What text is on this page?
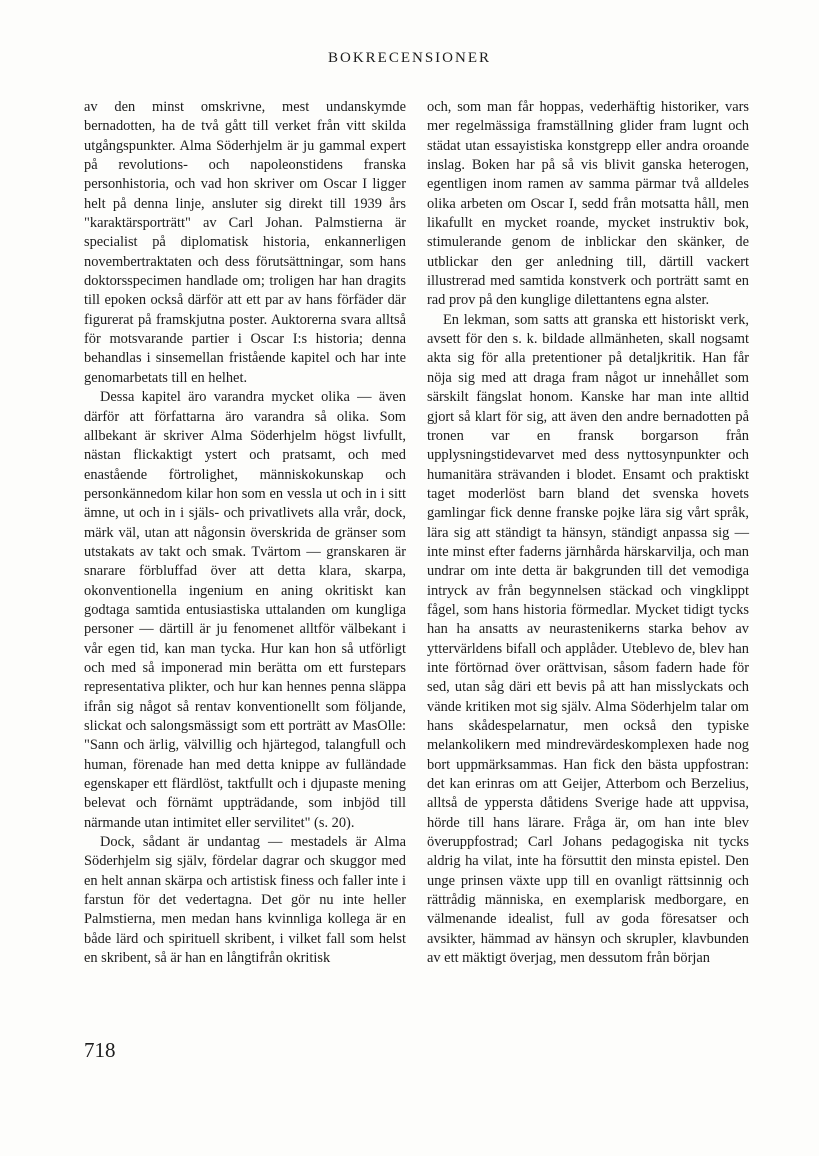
BOKRECENSIONER

av den minst omskrivne, mest undanskymde bernadotten, ha de två gått till verket från vitt skilda utgångspunkter. Alma Söderhjelm är ju gammal expert på revolutions- och napoleonstidens franska personhistoria, och vad hon skriver om Oscar I ligger helt på denna linje, ansluter sig direkt till 1939 års "karaktärsporträtt" av Carl Johan. Palmstierna är specialist på diplomatisk historia, enkannerligen novembertraktaten och dess förutsättningar, som hans doktorsspecimen handlade om; troligen har han dragits till epoken också därför att ett par av hans förfäder där figurerat på framskjutna poster. Auktorerna svara alltså för motsvarande partier i Oscar I:s historia; denna behandlas i sinsemellan fristående kapitel och har inte genomarbetats till en helhet.

Dessa kapitel äro varandra mycket olika — även därför att författarna äro varandra så olika. Som allbekant är skriver Alma Söderhjelm högst livfullt, nästan flickaktigt ystert och pratsamt, och med enastående förtrolighet, människokunskap och personkännedom kilar hon som en vessla ut och in i sitt ämne, ut och in i själs- och privatlivets alla vrår, dock, märk väl, utan att någonsin överskrida de gränser som utstakats av takt och smak. Tvärtom — granskaren är snarare förbluffad över att detta klara, skarpa, okonventionella ingenium en aning okritiskt kan godtaga samtida entusiastiska uttalanden om kungliga personer — därtill är ju fenomenet alltför välbekant i vår egen tid, kan man tycka. Hur kan hon så utförligt och med så imponerad min berätta om ett furstepars representativa plikter, och hur kan hennes penna släppa ifrån sig något så rentav konventionellt som följande, slickat och salongsmässigt som ett porträtt av MasOlle: "Sann och ärlig, välvillig och hjärtegod, talangfull och human, förenade han med detta knippe av fulländade egenskaper ett flärdlöst, taktfullt och i djupaste mening belevat och förnämt uppträdande, som inbjöd till närmande utan intimitet eller servilitet" (s. 20).

Dock, sådant är undantag — mestadels är Alma Söderhjelm sig själv, fördelar dagrar och skuggor med en helt annan skärpa och artistisk finess och faller inte i farstun för det vedertagna. Det gör nu inte heller Palmstierna, men medan hans kvinnliga kollega är en både lärd och spirituell skribent, i vilket fall som helst en skribent, så är han en långtifrån okritisk

och, som man får hoppas, vederhäftig historiker, vars mer regelmässiga framställning glider fram lugnt och städat utan essayistiska konstgrepp eller andra oroande inslag. Boken har på så vis blivit ganska heterogen, egentligen inom ramen av samma pärmar två alldeles olika arbeten om Oscar I, sedd från motsatta håll, men likafullt en mycket roande, mycket instruktiv bok, stimulerande genom de inblickar den skänker, de utblickar den ger anledning till, därtill vackert illustrerad med samtida konstverk och porträtt samt en rad prov på den kunglige dilettantens egna alster.

En lekman, som satts att granska ett historiskt verk, avsett för den s. k. bildade allmänheten, skall nogsamt akta sig för alla pretentioner på detaljkritik. Han får nöja sig med att draga fram något ur innehållet som särskilt fängslat honom. Kanske har man inte alltid gjort så klart för sig, att även den andre bernadotten på tronen var en fransk borgarson från upplysningstidevarvet med dess nyttosynpunkter och humanitära strävanden i blodet. Ensamt och praktiskt taget moderlöst barn bland det svenska hovets gamlingar fick denne franske pojke lära sig vårt språk, lära sig att ständigt ta hänsyn, ständigt anpassa sig — inte minst efter faderns järnhårda härskarvilja, och man undrar om inte detta är bakgrunden till det vemodiga intryck av från begynnelsen stäckad och vingklippt fågel, som hans historia förmedlar. Mycket tidigt tycks han ha ansatts av neurastenikerns starka behov av yttervärldens bifall och applåder. Uteblevo de, blev han inte förtörnad över orättvisan, såsom fadern hade för sed, utan såg däri ett bevis på att han misslyckats och vände kritiken mot sig själv. Alma Söderhjelm talar om hans skådespelarnatur, men också den typiske melankolikern med mindrevärdeskomplexen hade nog bort uppmärksammas. Han fick den bästa uppfostran: det kan erinras om att Geijer, Atterbom och Berzelius, alltså de yppersta dåtidens Sverige hade att uppvisa, hörde till hans lärare. Fråga är, om han inte blev överuppfostrad; Carl Johans pedagogiska nit tycks aldrig ha vilat, inte ha försuttit den minsta epistel. Den unge prinsen växte upp till en ovanligt rättsinnig och rättrådig människa, en exemplarisk medborgare, en välmenande idealist, full av goda föresatser och avsikter, hämmad av hänsyn och skrupler, klavbunden av ett mäktigt överjag, men dessutom från början

718
